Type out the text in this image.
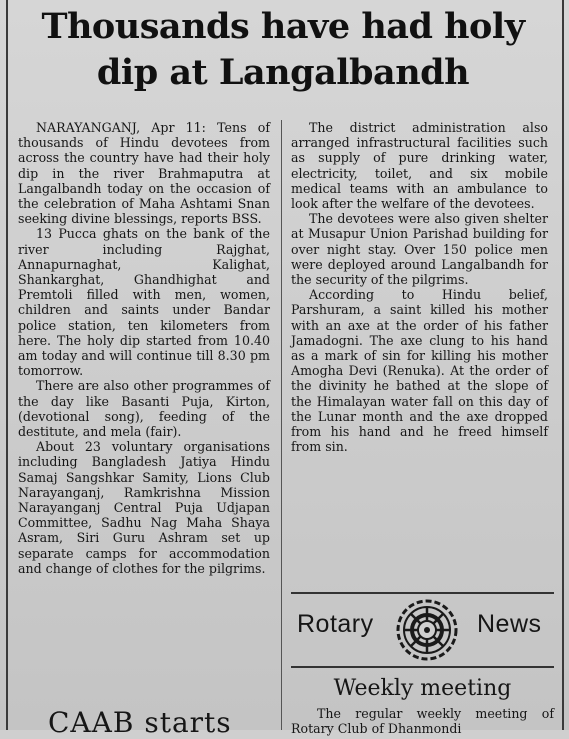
Thousands have had holy
dip at Langalbandh

NARAYANGANJ, Apr 11: Tens of thousands of Hindu devotees from across the country have had their holy dip in the river Brahmaputra at Langalbandh today on the occasion of the celebration of Maha Ashtami Snan seeking divine blessings, reports BSS.

13 Pucca ghats on the bank of the river including Rajghat, Annapurnaghat, Kalighat, Shankarghat, Ghandhighat and Premtoli filled with men, women, children and saints under Bandar police station, ten kilometers from here. The holy dip started from 10.40 am today and will continue till 8.30 pm tomorrow.

There are also other programmes of the day like Basanti Puja, Kirton, (devotional song), feeding of the destitute, and mela (fair).

About 23 voluntary organisations including Bangladesh Jatiya Hindu Samaj Sangshkar Samity, Lions Club Narayanganj, Ramkrishna Mission Narayanganj Central Puja Udjapan Committee, Sadhu Nag Maha Shaya Asram, Siri Guru Ashram set up separate camps for accommodation and change of clothes for the pilgrims.

The district administration also arranged infrastructural facilities such as supply of pure drinking water, electricity, toilet, and six mobile medical teams with an ambulance to look after the welfare of the devotees.

The devotees were also given shelter at Musapur Union Parishad building for over night stay. Over 150 police men were deployed around Langalbandh for the security of the pilgrims.

According to Hindu belief, Parshuram, a saint killed his mother with an axe at the order of his father Jamadogni. The axe clung to his hand as a mark of sin for killing his mother Amogha Devi (Renuka). At the order of the divinity he bathed at the slope of the Himalayan water fall on this day of the Lunar month and the axe dropped from his hand and he freed himself from sin.

Rotary	News
Weekly meeting

The regular weekly meeting of Rotary Club of Dhanmondi

CAAB starts
